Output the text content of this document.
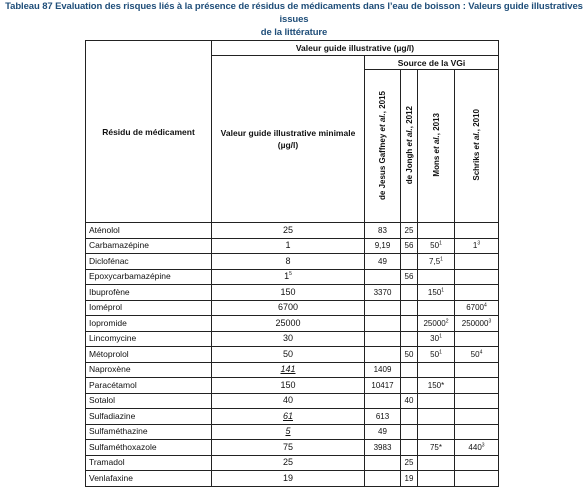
Tableau 87 Evaluation des risques liés à la présence de résidus de médicaments dans l’eau de boisson : Valeurs guide illustratives issues
de la littérature
Résidu de médicament	Valeur guide illustrative (µg/l)				
	Valeur guide illustrative minimale (µg/l)	Source de la VGi			
		de Jesus Gaffney et al., 2015	de Jongh et al., 2012	Mons et al., 2013	Schriks et al., 2010
Aténolol	25	83	25		
Carbamazépine	1	9,19	56	$50^1$	$1^3$
Diclofénac	8	49		$7,5^1$	
Epoxycarbamazépine	$1^5$		56		
Ibuprofène	150	3370		$150^1$	
Ioméprol	6700				6700$^4$
Iopromide	25000			25000$^2$	250000$^3$
Lincomycine	30			$30^1$	
Métoprolol	50		50	$50^1$	$50^4$
Naproxène	141	1409			
Paracétamol	150	10417		150*	
Sotalol	40		40		
Sulfadiazine	61	613			
Sulfaméthazine	5	49			
Sulfaméthoxazole	75	3983		75*	$440^3$
Tramadol	25		25		
Venlafaxine	19		19		
